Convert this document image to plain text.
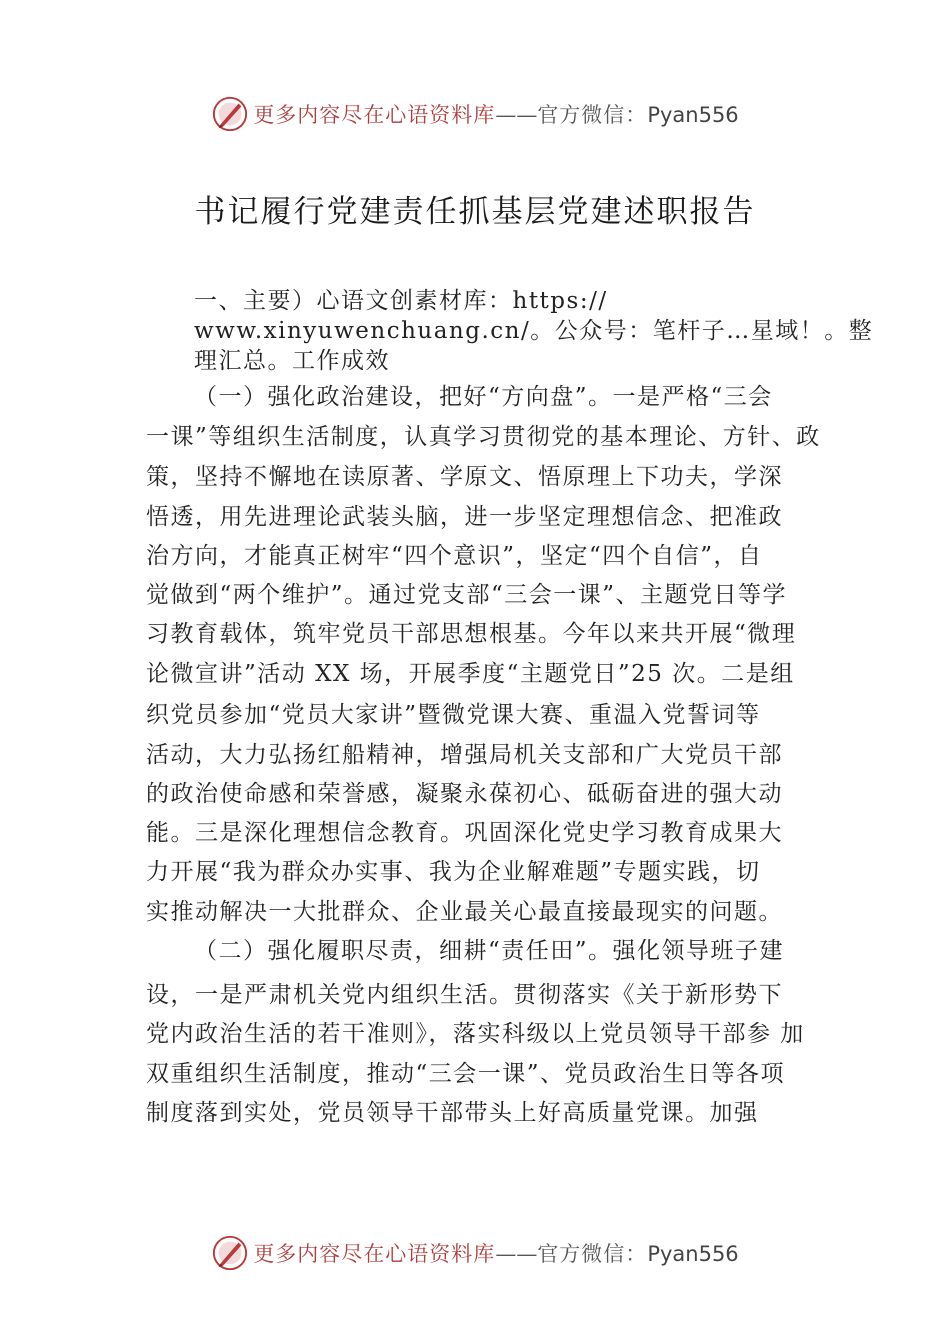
更多内容尽在心语资料库——官方微信：Pyan556
书记履行党建责任抓基层党建述职报告

一、主要）心语文创素材库：https://

www.xinyuwenchuang.cn/。公众号：笔杆子…星域！。整

理汇总。工作成效

（一）强化政治建设，把好“方向盘”。一是严格“三会

一课”等组织生活制度，认真学习贯彻党的基本理论、方针、政

策，坚持不懈地在读原著、学原文、悟原理上下功夫，学深

悟透，用先进理论武装头脑，进一步坚定理想信念、把准政

治方向，才能真正树牢“四个意识”，坚定“四个自信”，自

觉做到“两个维护”。通过党支部“三会一课”、主题党日等学

习教育载体，筑牢党员干部思想根基。今年以来共开展“微理

论微宣讲”活动 XX 场，开展季度“主题党日”25 次。二是组

织党员参加“党员大家讲”暨微党课大赛、重温入党誓词等

活动，大力弘扬红船精神，增强局机关支部和广大党员干部

的政治使命感和荣誉感，凝聚永葆初心、砥砺奋进的强大动

能。三是深化理想信念教育。巩固深化党史学习教育成果大

力开展“我为群众办实事、我为企业解难题”专题实践，切

实推动解决一大批群众、企业最关心最直接最现实的问题。

（二）强化履职尽责，细耕“责任田”。强化领导班子建

设，一是严肃机关党内组织生活。贯彻落实《关于新形势下

党内政治生活的若干准则》，落实科级以上党员领导干部参 加

双重组织生活制度，推动“三会一课”、党员政治生日等各项

制度落到实处，党员领导干部带头上好高质量党课。加强

更多内容尽在心语资料库——官方微信：Pyan556
